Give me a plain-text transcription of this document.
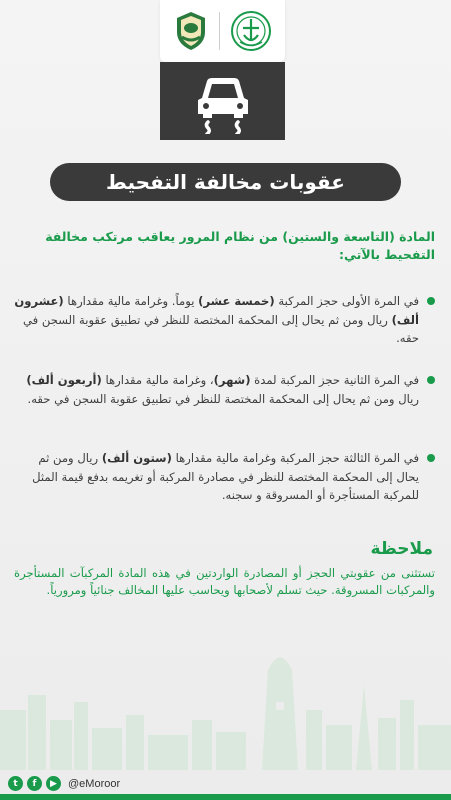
عقوبات مخالفة التفحيط
المادة (التاسعة والستين) من نظام المرور يعاقب مرتكب مخالفة التفحيط بالآتي:
في المرة الأولى حجز المركبة (خمسة عشر) يوماً. وغرامة مالية مقدارها (عشرون ألف) ريال ومن ثم يحال إلى المحكمة المختصة للنظر في تطبيق عقوبة السجن في حقه.
في المرة الثانية حجز المركبة لمدة (شهر)، وغرامة مالية مقدارها (أربعون ألف) ريال ومن ثم يحال إلى المحكمة المختصة للنظر في تطبيق عقوبة السجن في حقه.
في المرة الثالثة حجز المركبة وغرامة مالية مقدارها (ستون ألف) ريال ومن ثم يحال إلى المحكمة المختصة للنظر في مصادرة المركبة أو تغريمه بدفع قيمة المثل للمركبة المستأجرة أو المسروقة و سجنه.
ملاحظة
تستثنى من عقوبتي الحجز أو المصادرة الواردتين في هذه المادة المركبآت المستأجرة والمركبات المسروقة. حيث تسلم لأصحابها ويحاسب عليها المخالف جنائياً ومرورياً.
t	f	▶	@eMoroor
